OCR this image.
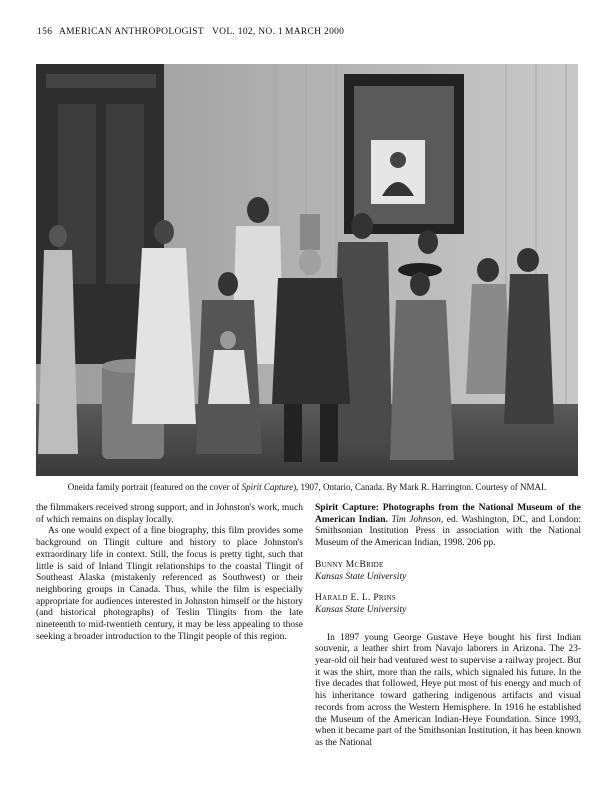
156 AMERICAN ANTHROPOLOGIST VOL. 102, NO. 1 MARCH 2000
Oneida family portrait (featured on the cover of Spirit Capture), 1907, Ontario, Canada. By Mark R. Harrington. Courtesy of NMAI.

the filmmakers received strong support, and in Johnston's work, much of which remains on display locally.

As one would expect of a fine biography, this film provides some background on Tlingit culture and history to place Johnston's extraordinary life in context. Still, the focus is pretty tight, such that little is said of Inland Tlingit relationships to the coastal Tlingit of Southeast Alaska (mistakenly referenced as Southwest) or their neighboring groups in Canada. Thus, while the film is especially appropriate for audiences interested in Johnston himself or the history (and historical photographs) of Teslin Tlingits from the late nineteenth to mid-twentieth century, it may be less appealing to those seeking a broader introduction to the Tlingit people of this region.

Spirit Capture: Photographs from the National Museum of the American Indian. Tim Johnson, ed. Washington, DC, and London: Smithsonian Institution Press in association with the National Museum of the American Indian, 1998. 206 pp.

Bunny McBride
Kansas State University
Harald E. L. Prins
Kansas State University

In 1897 young George Gustave Heye bought his first Indian souvenir, a leather shirt from Navajo laborers in Arizona. The 23-year-old oil heir had ventured west to supervise a railway project. But it was the shirt, more than the rails, which signaled his future. In the five decades that followed, Heye put most of his energy and much of his inheritance toward gathering indigenous artifacts and visual records from across the Western Hemisphere. In 1916 he established the Museum of the American Indian-Heye Foundation. Since 1993, when it became part of the Smithsonian Institution, it has been known as the National
